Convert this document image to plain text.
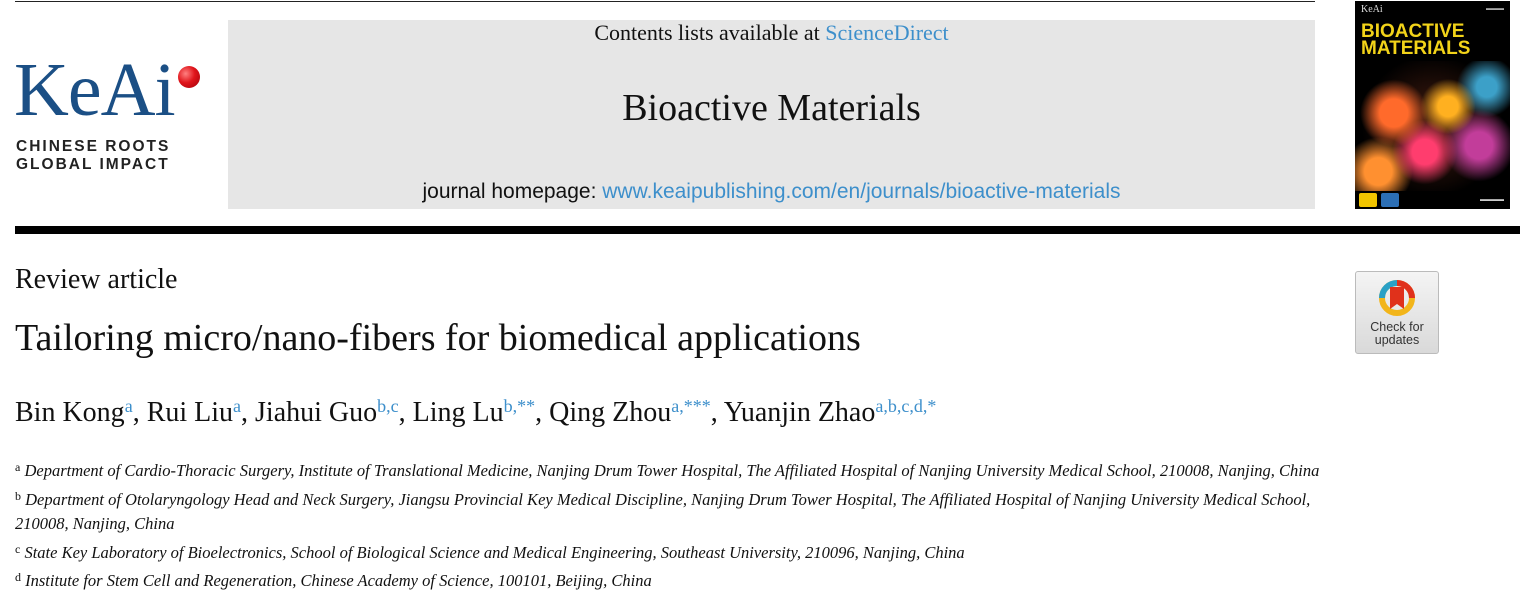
KeAi
CHINESE ROOTS
GLOBAL IMPACT
Contents lists available at ScienceDirect
Bioactive Materials
journal homepage: www.keaipublishing.com/en/journals/bioactive-materials
KeAi	▬▬▬
BIOACTIVE
MATERIALS
▬▬▬▬
Review article
Tailoring micro/nano-fibers for biomedical applications	Check for
updates
Bin Kong$^a$, Rui Liu$^a$, Jiahui Guo$^{b,c}$, Ling $Lu^{b,**}$, Qing Zhou$^{a,***}$, Yuanjin Zhao$^{a,b,c,d,*}$
$^a$ Department of Cardio-Thoracic Surgery, Institute of Translational Medicine, Nanjing Drum Tower Hospital, The Affiliated Hospital of Nanjing University Medical School, 210008, Nanjing, China
$^b$ Department of Otolaryngology Head and Neck Surgery, Jiangsu Provincial Key Medical Discipline, Nanjing Drum Tower Hospital, The Affiliated Hospital of Nanjing University Medical School, 210008, Nanjing, China
$^c$ State Key Laboratory of Bioelectronics, School of Biological Science and Medical Engineering, Southeast University, 210096, Nanjing, China
$^d$ Institute for Stem Cell and Regeneration, Chinese Academy of Science, 100101, Beijing, China
